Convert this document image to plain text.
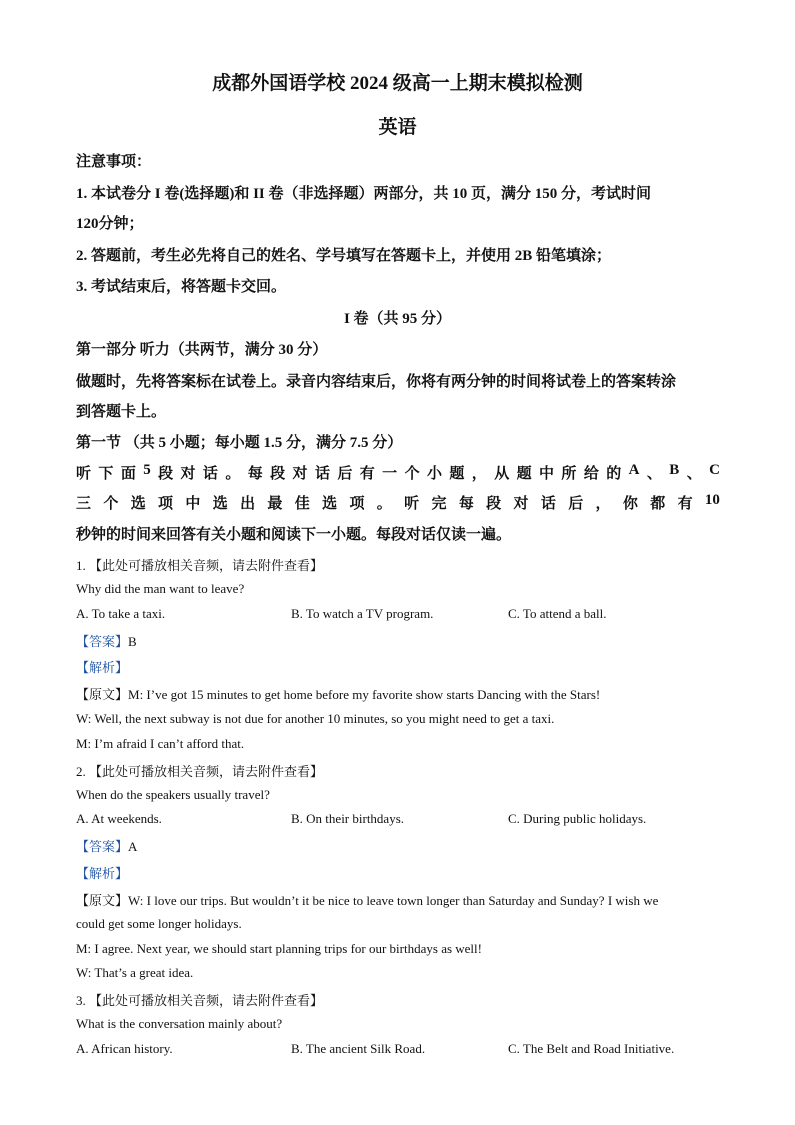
成都外国语学校 2024 级高一上期末模拟检测
英语
注意事项：
1. 本试卷分 I 卷(选择题)和 II 卷（非选择题）两部分，共 10 页，满分 150 分，考试时间
120分钟；
2. 答题前，考生必先将自己的姓名、学号填写在答题卡上，并使用 2B 铅笔填涂；
3. 考试结束后，将答题卡交回。
I 卷（共 95 分）
第一部分 听力（共两节，满分 30 分）
做题时，先将答案标在试卷上。录音内容结束后，你将有两分钟的时间将试卷上的答案转涂
到答题卡上。
第一节 （共 5 小题；每小题 1.5 分，满分 7.5 分）
听 下 面 5 段 对 话 。 每 段 对 话 后 有 一 个 小 题 ， 从 题 中 所 给 的 A 、 B 、 C
三 个 选 项 中 选 出 最 佳 选 项 。 听 完 每 段 对 话 后 ， 你 都 有 10
秒钟的时间来回答有关小题和阅读下一小题。每段对话仅读一遍。
1. 【此处可播放相关音频，请去附件查看】
Why did the man want to leave?
A. To take a taxi.	B. To watch a TV program.	C. To attend a ball.
【答案】B
【解析】
【原文】M: I’ve got 15 minutes to get home before my favorite show starts Dancing with the Stars!
W: Well, the next subway is not due for another 10 minutes, so you might need to get a taxi.
M: I’m afraid I can’t afford that.
2. 【此处可播放相关音频，请去附件查看】
When do the speakers usually travel?
A. At weekends.	B. On their birthdays.	C. During public holidays.
【答案】A
【解析】
【原文】W: I love our trips. But wouldn’t it be nice to leave town longer than Saturday and Sunday? I wish we
could get some longer holidays.
M: I agree. Next year, we should start planning trips for our birthdays as well!
W: That’s a great idea.
3. 【此处可播放相关音频，请去附件查看】
What is the conversation mainly about?
A. African history.	B. The ancient Silk Road.	C. The Belt and Road Initiative.
